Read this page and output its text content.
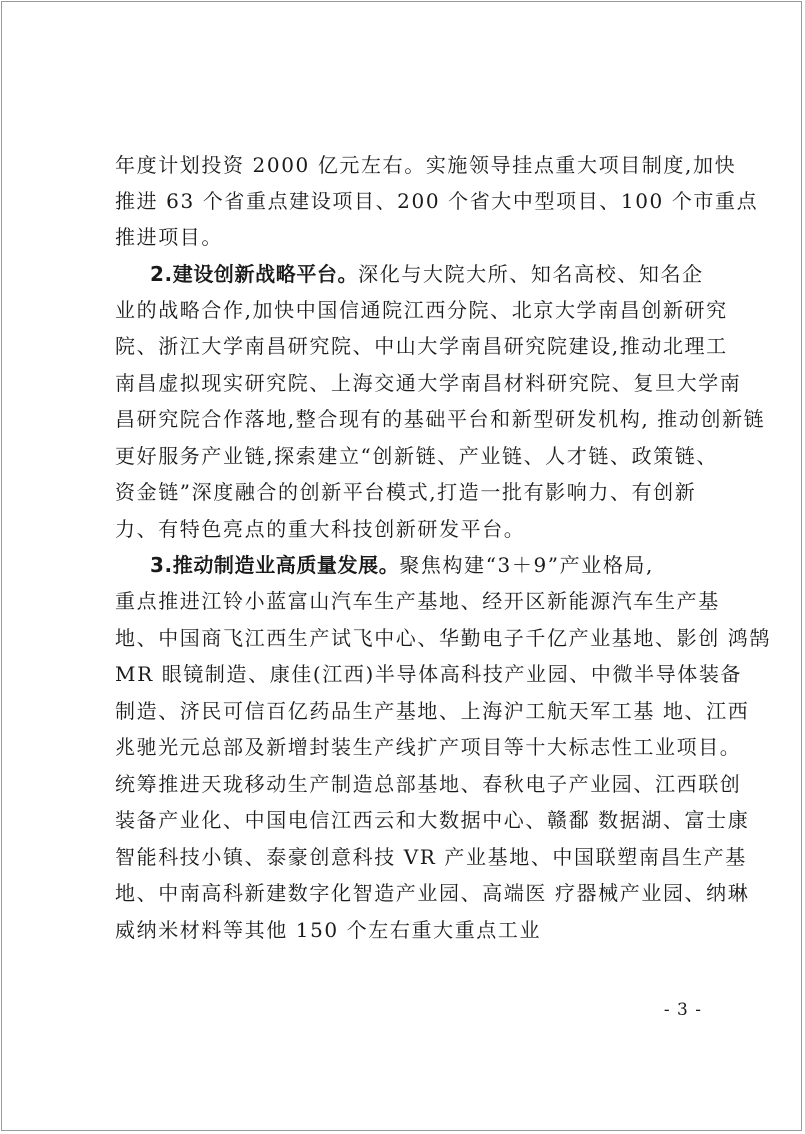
年度计划投资 2000 亿元左右。实施领导挂点重大项目制度,加快
推进 63 个省重点建设项目、200 个省大中型项目、100 个市重点
推进项目。
2.建设创新战略平台。深化与大院大所、知名高校、知名企
业的战略合作,加快中国信通院江西分院、北京大学南昌创新研究
院、浙江大学南昌研究院、中山大学南昌研究院建设,推动北理工
南昌虚拟现实研究院、上海交通大学南昌材料研究院、复旦大学南
昌研究院合作落地,整合现有的基础平台和新型研发机构, 推动创新链
更好服务产业链,探索建立“创新链、产业链、人才链、政策链、
资金链”深度融合的创新平台模式,打造一批有影响力、有创新
力、有特色亮点的重大科技创新研发平台。
3.推动制造业高质量发展。聚焦构建“3＋9”产业格局,
重点推进江铃小蓝富山汽车生产基地、经开区新能源汽车生产基
地、中国商飞江西生产试飞中心、华勤电子千亿产业基地、影创 鸿鹄
MR 眼镜制造、康佳(江西)半导体高科技产业园、中微半导体装备
制造、济民可信百亿药品生产基地、上海沪工航天军工基 地、江西
兆驰光元总部及新增封装生产线扩产项目等十大标志性工业项目。
统筹推进天珑移动生产制造总部基地、春秋电子产业园、江西联创
装备产业化、中国电信江西云和大数据中心、赣鄱 数据湖、富士康
智能科技小镇、泰豪创意科技 VR 产业基地、中国联塑南昌生产基
地、中南高科新建数字化智造产业园、高端医 疗器械产业园、纳琳
威纳米材料等其他 150 个左右重大重点工业
- 3 -
